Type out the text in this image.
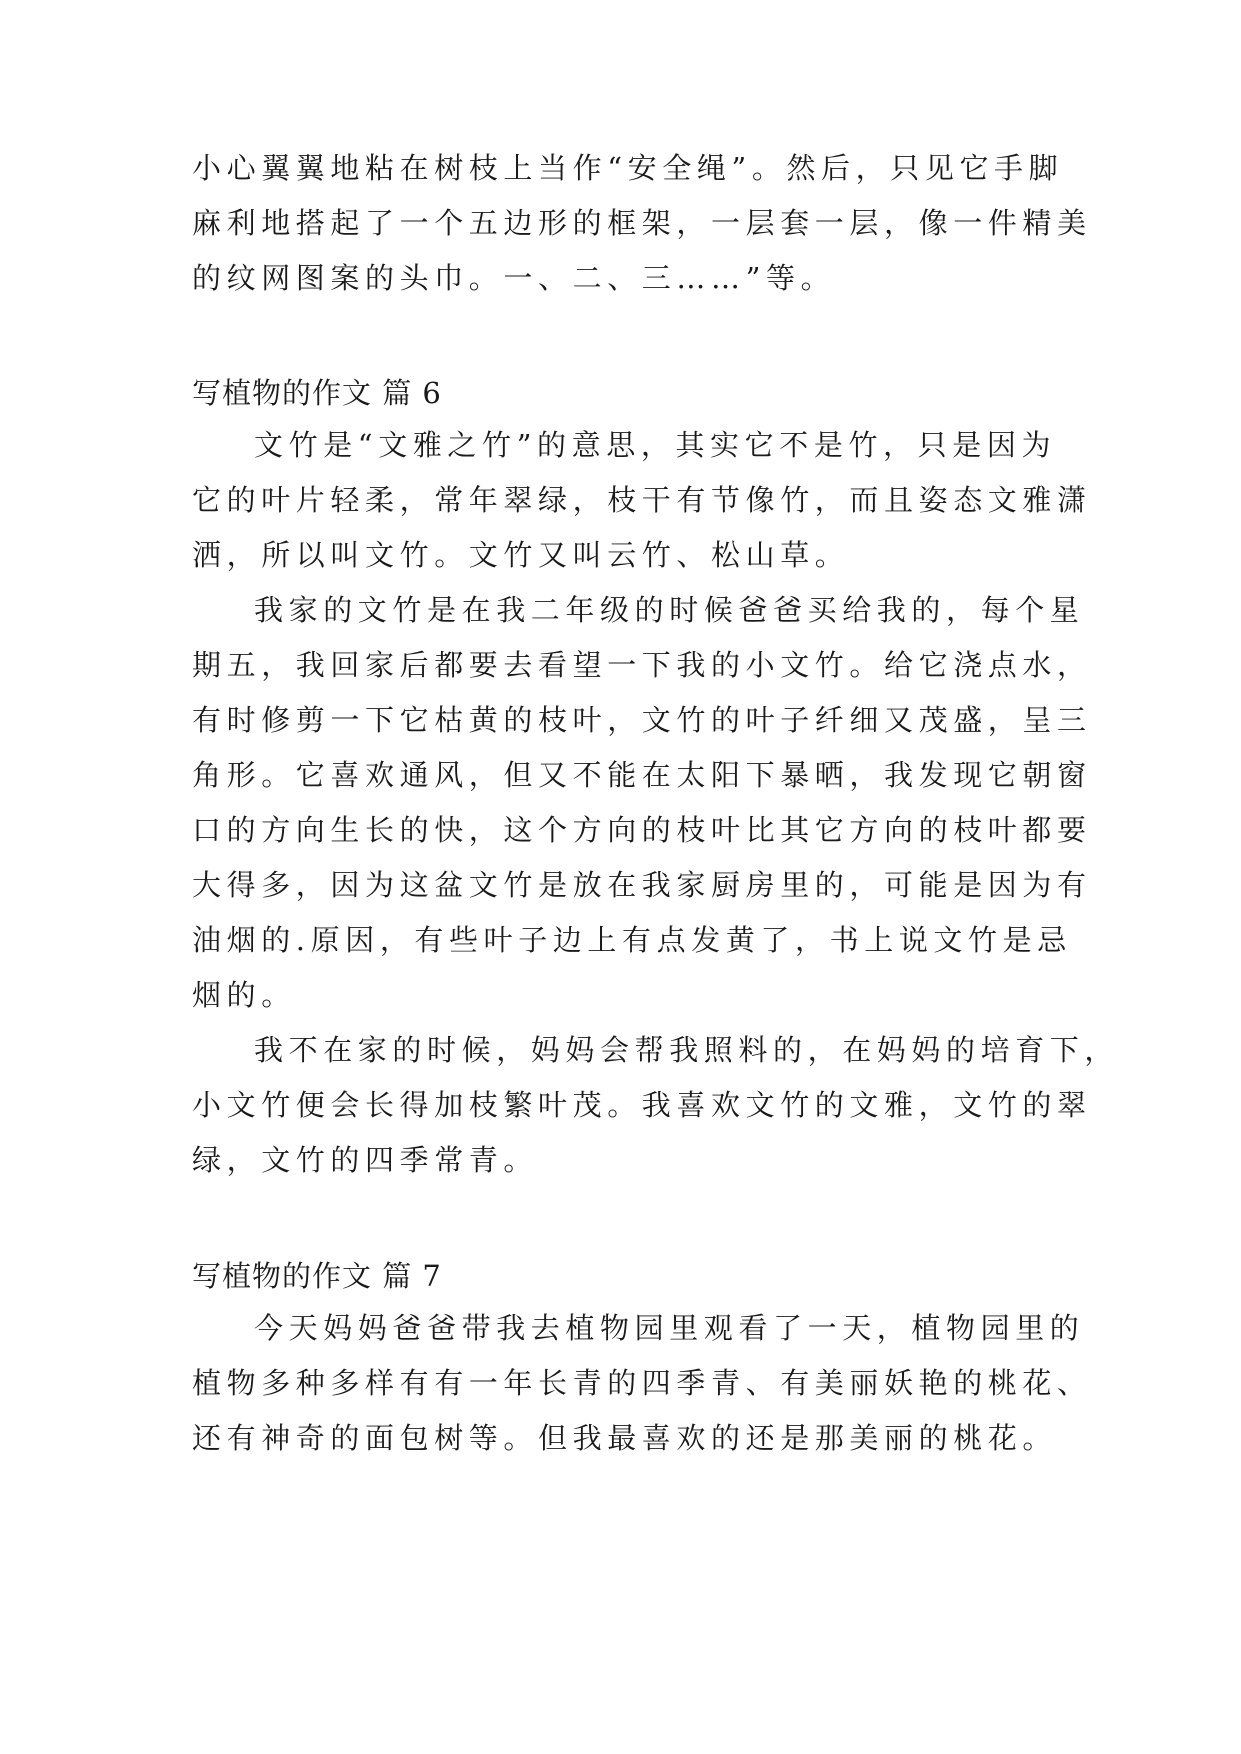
小心翼翼地粘在树枝上当作“安全绳”。然后，只见它手脚
麻利地搭起了一个五边形的框架，一层套一层，像一件精美
的纹网图案的头巾。一、二、三……”等。
写植物的作文 篇 6
文竹是“文雅之竹”的意思，其实它不是竹，只是因为
它的叶片轻柔，常年翠绿，枝干有节像竹，而且姿态文雅潇
洒，所以叫文竹。文竹又叫云竹、松山草。
我家的文竹是在我二年级的时候爸爸买给我的，每个星
期五，我回家后都要去看望一下我的小文竹。给它浇点水，
有时修剪一下它枯黄的枝叶，文竹的叶子纤细又茂盛，呈三
角形。它喜欢通风，但又不能在太阳下暴晒，我发现它朝窗
口的方向生长的快，这个方向的枝叶比其它方向的枝叶都要
大得多，因为这盆文竹是放在我家厨房里的，可能是因为有
油烟的.原因，有些叶子边上有点发黄了，书上说文竹是忌
烟的。
我不在家的时候，妈妈会帮我照料的，在妈妈的培育下，
小文竹便会长得加枝繁叶茂。我喜欢文竹的文雅，文竹的翠
绿，文竹的四季常青。
写植物的作文 篇 7
今天妈妈爸爸带我去植物园里观看了一天，植物园里的
植物多种多样有有一年长青的四季青、有美丽妖艳的桃花、
还有神奇的面包树等。但我最喜欢的还是那美丽的桃花。
